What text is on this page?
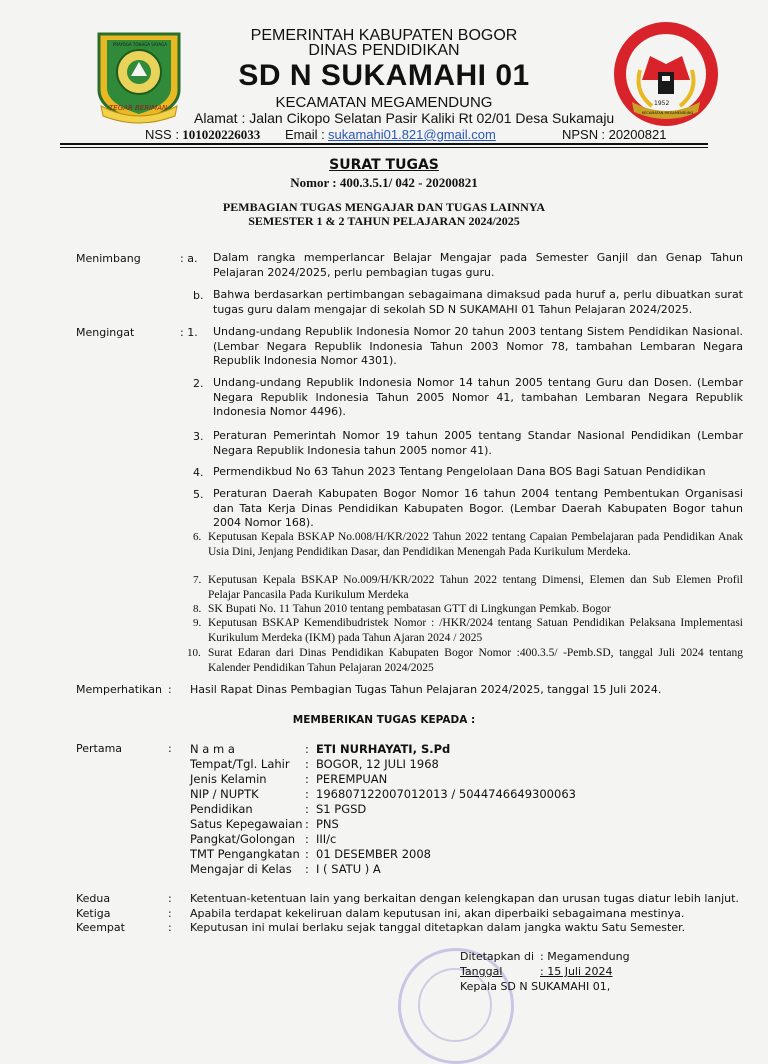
TEGAR BERIMAN
PRAYOGA TOHAGA SAYAGA
1952
KECAMATAN MEGAMENDUNG
PEMERINTAH KABUPATEN BOGOR
DINAS PENDIDIKAN
SD N SUKAMAHI 01
KECAMATAN MEGAMENDUNG
Alamat : Jalan Cikopo Selatan Pasir Kaliki Rt 02/01 Desa Sukamaju
NSS : 101020226033 Email : sukamahi01.821@gmail.com	NPSN : 20200821
SURAT TUGAS
Nomor : 400.3.5.1/ 042 - 20200821
PEMBAGIAN TUGAS MENGAJAR DAN TUGAS LAINNYA
SEMESTER 1 & 2 TAHUN PELAJARAN 2024/2025
Menimbang	: a. Dalam rangka memperlancar Belajar Mengajar pada Semester Ganjil dan Genap Tahun Pelajaran 2024/2025, perlu pembagian tugas guru.
b. Bahwa berdasarkan pertimbangan sebagaimana dimaksud pada huruf a, perlu dibuatkan surat tugas guru dalam mengajar di sekolah SD N SUKAMAHI 01 Tahun Pelajaran 2024/2025.
Mengingat	: 1. Undang-undang Republik Indonesia Nomor 20 tahun 2003 tentang Sistem Pendidikan Nasional. (Lembar Negara Republik Indonesia Tahun 2003 Nomor 78, tambahan Lembaran Negara Republik Indonesia Nomor 4301).
2. Undang-undang Republik Indonesia Nomor 14 tahun 2005 tentang Guru dan Dosen. (Lembar Negara Republik Indonesia Tahun 2005 Nomor 41, tambahan Lembaran Negara Republik Indonesia Nomor 4496).
3. Peraturan Pemerintah Nomor 19 tahun 2005 tentang Standar Nasional Pendidikan (Lembar Negara Republik Indonesia tahun 2005 nomor 41).
4. Permendikbud No 63 Tahun 2023 Tentang Pengelolaan Dana BOS Bagi Satuan Pendidikan
5. Peraturan Daerah Kabupaten Bogor Nomor 16 tahun 2004 tentang Pembentukan Organisasi dan Tata Kerja Dinas Pendidikan Kabupaten Bogor. (Lembar Daerah Kabupaten Bogor tahun 2004 Nomor 168).
6. Keputusan Kepala BSKAP No.008/H/KR/2022 Tahun 2022 tentang Capaian Pembelajaran pada Pendidikan Anak Usia Dini, Jenjang Pendidikan Dasar, dan Pendidikan Menengah Pada Kurikulum Merdeka.
7. Keputusan Kepala BSKAP No.009/H/KR/2022 Tahun 2022 tentang Dimensi, Elemen dan Sub Elemen Profil Pelajar Pancasila Pada Kurikulum Merdeka
8. SK Bupati No. 11 Tahun 2010 tentang pembatasan GTT di Lingkungan Pemkab. Bogor
9. Keputusan BSKAP Kemendibudristek Nomor : /HKR/2024 tentang Satuan Pendidikan Pelaksana Implementasi Kurikulum Merdeka (IKM) pada Tahun Ajaran 2024 / 2025
10. Surat Edaran dari Dinas Pendidikan Kabupaten Bogor Nomor :400.3.5/ -Pemb.SD, tanggal Juli 2024 tentang Kalender Pendidikan Tahun Pelajaran 2024/2025
Memperhatikan : Hasil Rapat Dinas Pembagian Tugas Tahun Pelajaran 2024/2025, tanggal 15 Juli 2024.
MEMBERIKAN TUGAS KEPADA :
Pertama	: N a m a	: ETI NURHAYATI, S.Pd
Tempat/Tgl. Lahir : BOGOR, 12 JULI 1968
Jenis Kelamin	: PEREMPUAN
NIP / NUPTK	: 196807122007012013 / 5044746649300063
Pendidikan	: S1 PGSD
Satus Kepegawaian : PNS
Pangkat/Golongan : III/c
TMT Pengangkatan : 01 DESEMBER 2008
Mengajar di Kelas : I ( SATU ) A
Kedua	: Ketentuan-ketentuan lain yang berkaitan dengan kelengkapan dan urusan tugas diatur lebih lanjut.
Ketiga	: Apabila terdapat kekeliruan dalam keputusan ini, akan diperbaiki sebagaimana mestinya.
Keempat	: Keputusan ini mulai berlaku sejak tanggal ditetapkan dalam jangka waktu Satu Semester.
Ditetapkan di : Megamendung
Tanggal	: 15 Juli 2024
Kepala SD N SUKAMAHI 01,
